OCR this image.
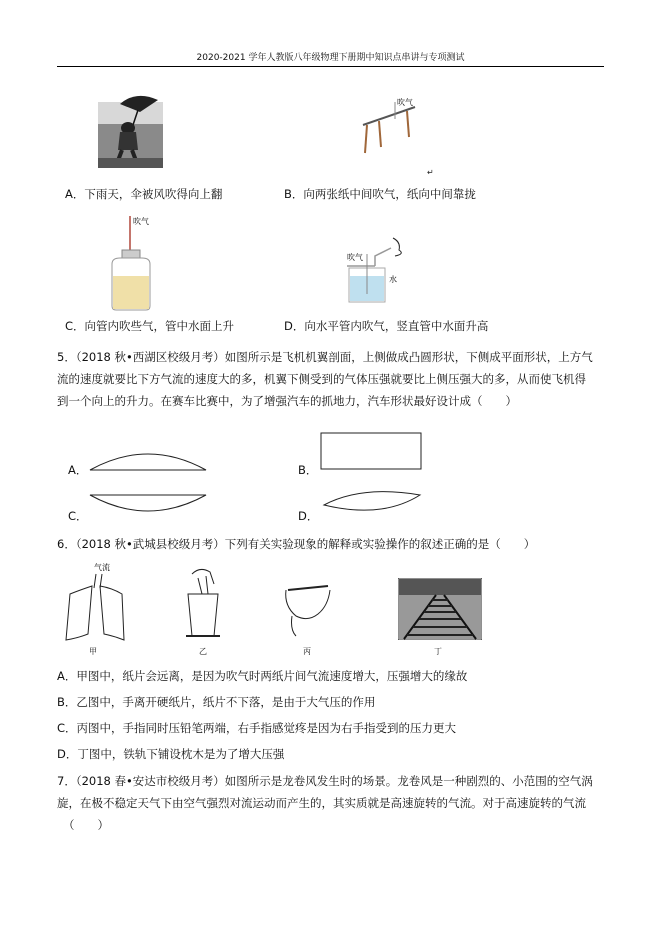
2020-2021 学年人教版八年级物理下册期中知识点串讲与专项测试
吹气
↵
A．下雨天，伞被风吹得向上翻	B．向两张纸中间吹气，纸向中间靠拢
吹气
吹气
水
C．向管内吹些气，管中水面上升	D．向水平管内吹气，竖直管中水面升高
5．（2018 秋•西湖区校级月考）如图所示是飞机机翼剖面，上侧做成凸圆形状，下侧成平面形状，上方气
流的速度就要比下方气流的速度大的多，机翼下侧受到的气体压强就要比上侧压强大的多，从而使飞机得
到一个向上的升力。在赛车比赛中，为了增强汽车的抓地力，汽车形状最好设计成（　　）
A．	B．
C．	D．
6．（2018 秋•武城县校级月考）下列有关实验现象的解释或实验操作的叙述正确的是（　　）
气流
甲	乙	丙	丁
A．甲图中，纸片会远离，是因为吹气时两纸片间气流速度增大，压强增大的缘故
B．乙图中，手离开硬纸片，纸片不下落，是由于大气压的作用
C．丙图中，手指同时压铅笔两端，右手指感觉疼是因为右手指受到的压力更大
D．丁图中，铁轨下铺设枕木是为了增大压强
7．（2018 春•安达市校级月考）如图所示是龙卷风发生时的场景。龙卷风是一种剧烈的、小范围的空气涡
旋，在极不稳定天气下由空气强烈对流运动而产生的，其实质就是高速旋转的气流。对于高速旋转的气流
（　　）
